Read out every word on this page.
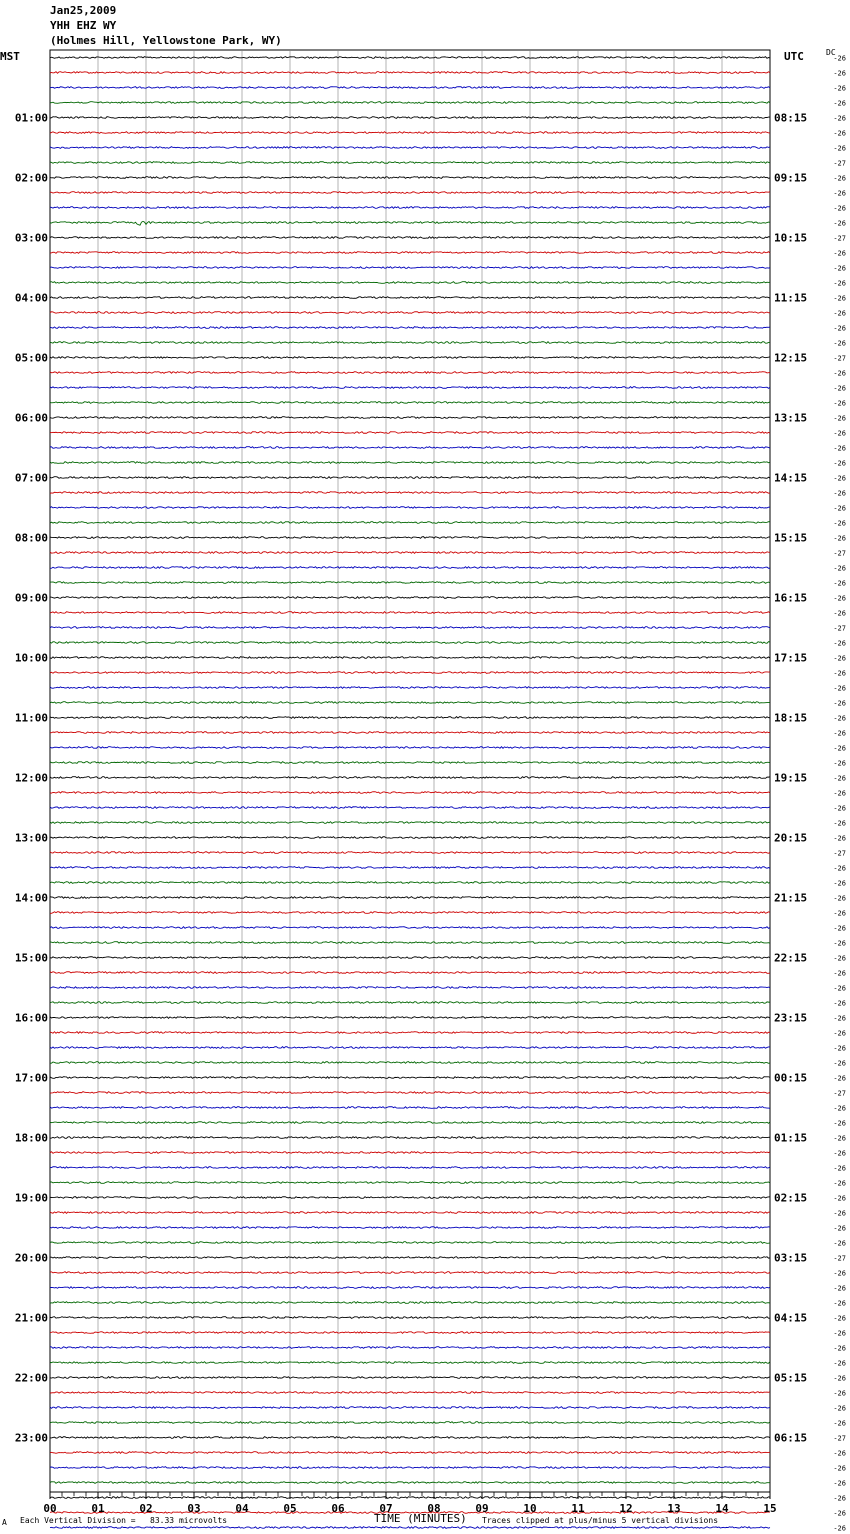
Jan25,2009
YHH EHZ WY
(Holmes Hill, Yellowstone Park, WY)
MST	UTC	DC
-26
-26
-26
-26
-26
-26
-26
-27
-26
-26
-26
-26
-27
-26
-26
-26
-26
-26
-26
-26
-27
-26
-26
-26
-26
-26
-26
-26
-26
-26
-26
-26
-26
-27
-26
-26
-26
-26
-27
-26
-26
-26
-26
-26
-26
-26
-26
-26
-26
-26
-26
-26
-26
-27
-26
-26
-26
-26
-26
-26
-26
-26
-26
-26
-26
-26
-26
-26
-26
-27
-26
-26
-26
-26
-26
-26
-26
-26
-26
-26
-27
-26
-26
-26
-26
-26
-26
-26
-26
-26
-26
-26
-27
-26
-26
-26
-26
-26
-26
01:00
02:00
03:00
04:00
05:00
06:00
07:00
08:00
09:00
10:00
11:00
12:00
13:00
14:00
15:00
16:00
17:00
18:00
19:00
20:00
21:00
22:00
23:00
08:15
09:15
10:15
11:15
12:15
13:15
14:15
15:15
16:15
17:15
18:15
19:15
20:15
21:15
22:15
23:15
00:15
01:15
02:15
03:15
04:15
05:15
06:15
00	01	02	03	04	05	06	07	08	09	10	11	12	13	14	15
A Each Vertical Division =   83.33 microvolts	TIME (MINUTES) Traces clipped at plus/minus 5 vertical divisions
